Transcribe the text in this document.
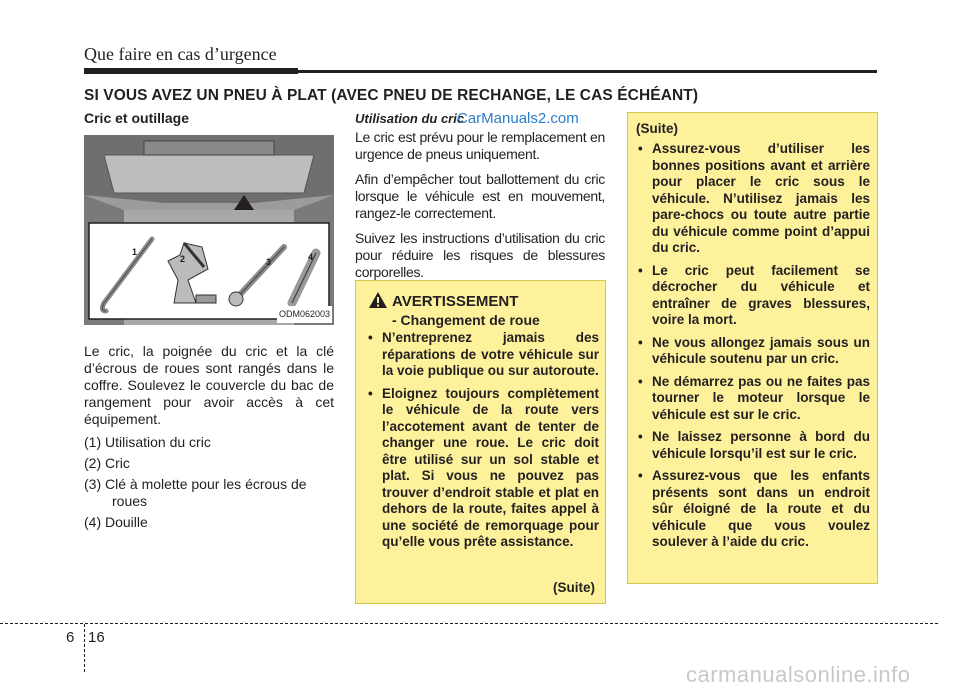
Que faire en cas d’urgence
SI VOUS AVEZ UN PNEU À PLAT (AVEC PNEU DE RECHANGE, LE CAS ÉCHÉANT)
Cric et outillage
1
2	3	4
ODM062003
Le cric, la poignée du cric et la clé d’écrous de roues sont rangés dans le coffre. Soulevez le couvercle du bac de rangement pour avoir accès à cet équipement.
(1) Utilisation du cric
(2) Cric
(3) Clé à molette pour les écrous de roues
(4) Douille
Utilisation du cric

Le cric est prévu pour le remplacement en urgence de pneus uniquement.

Afin d’empêcher tout ballottement du cric lorsque le véhicule est en mouvement, rangez-le correctement.

Suivez les instructions d’utilisation du cric pour réduire les risques de blessures corporelles.

CarManuals2.com
AVERTISSEMENT
- Changement de roue
• N’entreprenez jamais des réparations de votre véhicule sur la voie publique ou sur autoroute.
• Eloignez toujours complètement le véhicule de la route vers l’accotement avant de tenter de changer une roue. Le cric doit être utilisé sur un sol stable et plat. Si vous ne pouvez pas trouver d’endroit stable et plat en dehors de la route, faites appel à une société de remorquage pour qu’elle vous prête assistance.
(Suite)
(Suite)
• Assurez-vous d’utiliser les bonnes positions avant et arrière pour placer le cric sous le véhicule. N’utilisez jamais les pare-chocs ou toute autre partie du véhicule comme point d’appui du cric.
• Le cric peut facilement se décrocher du véhicule et entraîner de graves blessures, voire la mort.
• Ne vous allongez jamais sous un véhicule soutenu par un cric.
• Ne démarrez pas ou ne faites pas tourner le moteur lorsque le véhicule est sur le cric.
• Ne laissez personne à bord du véhicule lorsqu’il est sur le cric.
• Assurez-vous que les enfants présents sont dans un endroit sûr éloigné de la route et du véhicule que vous voulez soulever à l’aide du cric.
6 16
carmanualsonline.info
